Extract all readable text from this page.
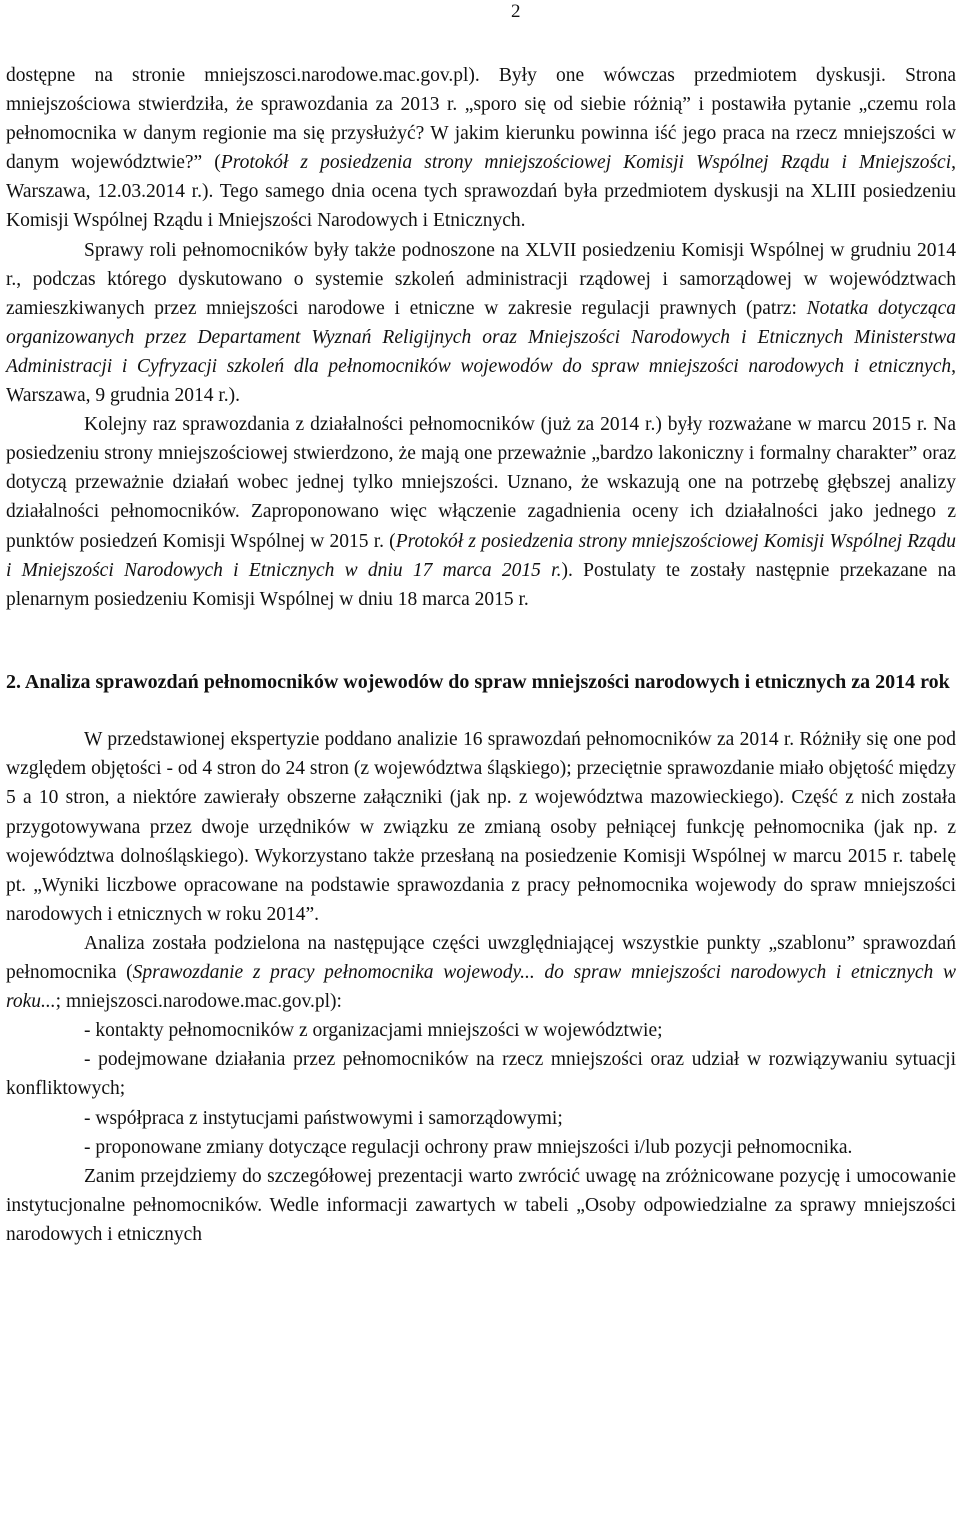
2

dostępne na stronie mniejszosci.narodowe.mac.gov.pl). Były one wówczas przedmiotem dyskusji. Strona mniejszościowa stwierdziła, że sprawozdania za 2013 r. „sporo się od siebie różnią” i postawiła pytanie „czemu rola pełnomocnika w danym regionie ma się przysłużyć? W jakim kierunku powinna iść jego praca na rzecz mniejszości w danym województwie?” (Protokół z posiedzenia strony mniejszościowej Komisji Wspólnej Rządu i Mniejszości, Warszawa, 12.03.2014 r.). Tego samego dnia ocena tych sprawozdań była przedmiotem dyskusji na XLIII posiedzeniu Komisji Wspólnej Rządu i Mniejszości Narodowych i Etnicznych.

Sprawy roli pełnomocników były także podnoszone na XLVII posiedzeniu Komisji Wspólnej w grudniu 2014 r., podczas którego dyskutowano o systemie szkoleń administracji rządowej i samorządowej w województwach zamieszkiwanych przez mniejszości narodowe i etniczne w zakresie regulacji prawnych (patrz: Notatka dotycząca organizowanych przez Departament Wyznań Religijnych oraz Mniejszości Narodowych i Etnicznych Ministerstwa Administracji i Cyfryzacji szkoleń dla pełnomocników wojewodów do spraw mniejszości narodowych i etnicznych, Warszawa, 9 grudnia 2014 r.).

Kolejny raz sprawozdania z działalności pełnomocników (już za 2014 r.) były rozważane w marcu 2015 r. Na posiedzeniu strony mniejszościowej stwierdzono, że mają one przeważnie „bardzo lakoniczny i formalny charakter” oraz dotyczą przeważnie działań wobec jednej tylko mniejszości. Uznano, że wskazują one na potrzebę głębszej analizy działalności pełnomocników. Zaproponowano więc włączenie zagadnienia oceny ich działalności jako jednego z punktów posiedzeń Komisji Wspólnej w 2015 r. (Protokół z posiedzenia strony mniejszościowej Komisji Wspólnej Rządu i Mniejszości Narodowych i Etnicznych w dniu 17 marca 2015 r.). Postulaty te zostały następnie przekazane na plenarnym posiedzeniu Komisji Wspólnej w dniu 18 marca 2015 r.

2. Analiza sprawozdań pełnomocników wojewodów do spraw mniejszości narodowych i etnicznych za 2014 rok

W przedstawionej ekspertyzie poddano analizie 16 sprawozdań pełnomocników za 2014 r. Różniły się one pod względem objętości - od 4 stron do 24 stron (z województwa śląskiego); przeciętnie sprawozdanie miało objętość między 5 a 10 stron, a niektóre zawierały obszerne załączniki (jak np. z województwa mazowieckiego). Część z nich została przygotowywana przez dwoje urzędników w związku ze zmianą osoby pełniącej funkcję pełnomocnika (jak np. z województwa dolnośląskiego). Wykorzystano także przesłaną na posiedzenie Komisji Wspólnej w marcu 2015 r. tabelę pt. „Wyniki liczbowe opracowane na podstawie sprawozdania z pracy pełnomocnika wojewody do spraw mniejszości narodowych i etnicznych w roku 2014”.

Analiza została podzielona na następujące części uwzględniającej wszystkie punkty „szablonu” sprawozdań pełnomocnika (Sprawozdanie z pracy pełnomocnika wojewody... do spraw mniejszości narodowych i etnicznych w roku...; mniejszosci.narodowe.mac.gov.pl):

- kontakty pełnomocników z organizacjami mniejszości w województwie;

- podejmowane działania przez pełnomocników na rzecz mniejszości oraz udział w rozwiązywaniu sytuacji konfliktowych;

- współpraca z instytucjami państwowymi i samorządowymi;

- proponowane zmiany dotyczące regulacji ochrony praw mniejszości i/lub pozycji pełnomocnika.

Zanim przejdziemy do szczegółowej prezentacji warto zwrócić uwagę na zróżnicowane pozycję i umocowanie instytucjonalne pełnomocników. Wedle informacji zawartych w tabeli „Osoby odpowiedzialne za sprawy mniejszości narodowych i etnicznych
